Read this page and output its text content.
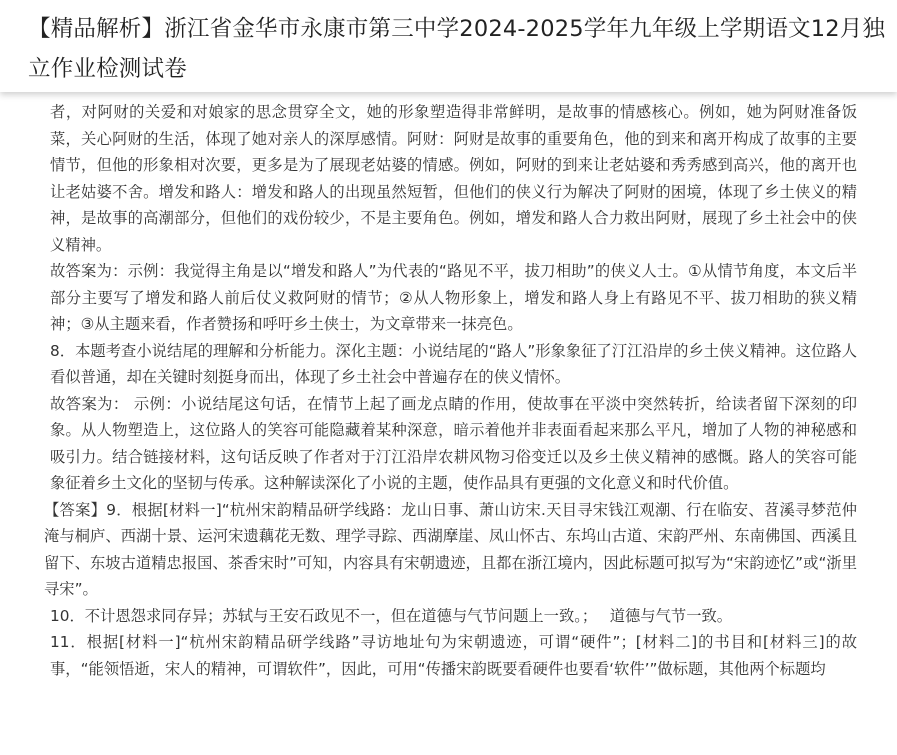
【精品解析】浙江省金华市永康市第三中学2024-2025学年九年级上学期语文12月独立作业检测试卷

者，对阿财的关爱和对娘家的思念贯穿全文，她的形象塑造得非常鲜明，是故事的情感核心。例如，她为阿财准备饭菜，关心阿财的生活，体现了她对亲人的深厚感情。阿财：阿财是故事的重要角色，他的到来和离开构成了故事的主要情节，但他的形象相对次要，更多是为了展现老姑婆的情感。例如，阿财的到来让老姑婆和秀秀感到高兴，他的离开也让老姑婆不舍。增发和路人：增发和路人的出现虽然短暂，但他们的侠义行为解决了阿财的困境，体现了乡土侠义的精神，是故事的高潮部分，但他们的戏份较少，不是主要角色。例如，增发和路人合力救出阿财，展现了乡土社会中的侠义精神。

故答案为：示例：我觉得主角是以“增发和路人”为代表的“路见不平，拔刀相助”的侠义人士。①从情节角度，本文后半部分主要写了增发和路人前后仗义救阿财的情节；②从人物形象上，增发和路人身上有路见不平、拔刀相助的狭义精神；③从主题来看，作者赞扬和呼吁乡土侠士，为文章带来一抹亮色。

8．本题考查小说结尾的理解和分析能力。深化主题：小说结尾的“路人”形象象征了汀江沿岸的乡土侠义精神。这位路人看似普通，却在关键时刻挺身而出，体现了乡土社会中普遍存在的侠义情怀。

故答案为： 示例：小说结尾这句话，在情节上起了画龙点睛的作用，使故事在平淡中突然转折，给读者留下深刻的印象。从人物塑造上，这位路人的笑容可能隐藏着某种深意，暗示着他并非表面看起来那么平凡，增加了人物的神秘感和吸引力。结合链接材料，这句话反映了作者对于汀江沿岸农耕风物习俗变迁以及乡土侠义精神的感慨。路人的笑容可能象征着乡土文化的坚韧与传承。这种解读深化了小说的主题，使作品具有更强的文化意义和时代价值。

【答案】9．根据[材料一]“杭州宋韵精品研学线路：龙山日事、萧山访宋.天目寻宋钱江观潮、行在临安、苕溪寻梦范仲淹与桐庐、西湖十景、运河宋遗藕花无数、理学寻踪、西湖摩崖、凤山怀古、东坞山古道、宋韵严州、东南佛国、西溪且留下、东坡古道精忠报国、茶香宋时”可知，内容具有宋朝遗迹，且都在浙江境内，因此标题可拟写为“宋韵迹忆”或“浙里寻宋”。

10．不计恩怨求同存异；苏轼与王安石政见不一，但在道德与气节问题上一致。；　 道德与气节一致。

11．根据[材料一]“杭州宋韵精品研学线路”寻访地址句为宋朝遗迹，可谓“硬件”；[材料二]的书目和[材料三]的故事，“能领悟逝，宋人的精神，可谓软件”，因此，可用“传播宋韵既要看硬件也要看‘软件’”做标题，其他两个标题均
